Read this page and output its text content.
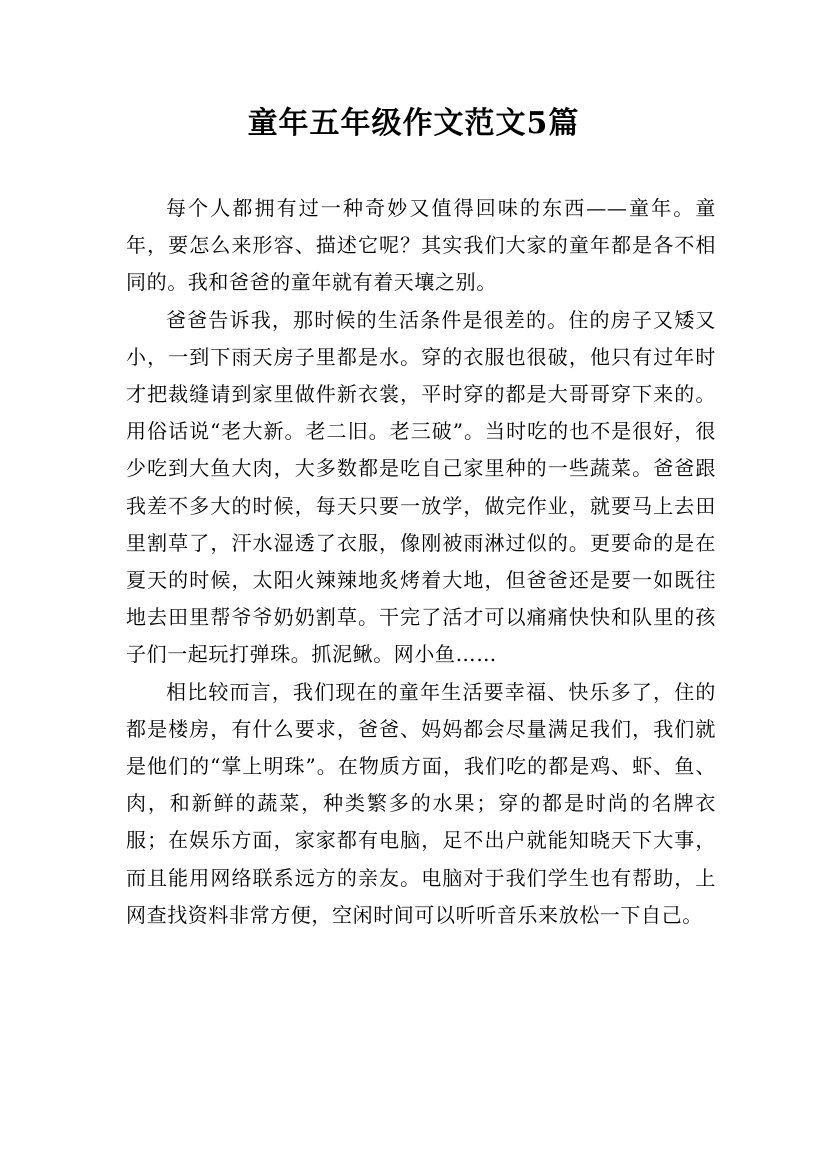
童年五年级作文范文5篇

每个人都拥有过一种奇妙又值得回味的东西——童年。童年，要怎么来形容、描述它呢？其实我们大家的童年都是各不相同的。我和爸爸的童年就有着天壤之别。

爸爸告诉我，那时候的生活条件是很差的。住的房子又矮又小，一到下雨天房子里都是水。穿的衣服也很破，他只有过年时才把裁缝请到家里做件新衣裳，平时穿的都是大哥哥穿下来的。用俗话说“老大新。老二旧。老三破”。当时吃的也不是很好，很少吃到大鱼大肉，大多数都是吃自己家里种的一些蔬菜。爸爸跟我差不多大的时候，每天只要一放学，做完作业，就要马上去田里割草了，汗水湿透了衣服，像刚被雨淋过似的。更要命的是在夏天的时候，太阳火辣辣地炙烤着大地，但爸爸还是要一如既往地去田里帮爷爷奶奶割草。干完了活才可以痛痛快快和队里的孩子们一起玩打弹珠。抓泥鳅。网小鱼……

相比较而言，我们现在的童年生活要幸福、快乐多了，住的都是楼房，有什么要求，爸爸、妈妈都会尽量满足我们，我们就是他们的“掌上明珠”。在物质方面，我们吃的都是鸡、虾、鱼、肉，和新鲜的蔬菜，种类繁多的水果；穿的都是时尚的名牌衣服；在娱乐方面，家家都有电脑，足不出户就能知晓天下大事，而且能用网络联系远方的亲友。电脑对于我们学生也有帮助，上网查找资料非常方便，空闲时间可以听听音乐来放松一下自己。
